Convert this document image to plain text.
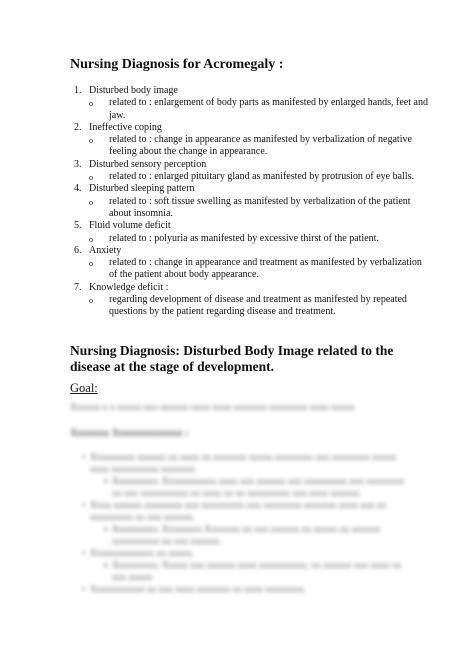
Nursing Diagnosis for Acromegaly :
1. Disturbed body image
o related to : enlargement of body parts as manifested by enlarged hands, feet and jaw.
2. Ineffective coping
o related to : change in appearance as manifested by verbalization of negative feeling about the change in appearance.
3. Disturbed sensory perception
o related to : enlarged pituitary gland as manifested by protrusion of eye balls.
4. Disturbed sleeping pattern
o related to : soft tissue swelling as manifested by verbalization of the patient about insomnia.
5. Fluid volume deficit
o related to : polyuria as manifested by excessive thirst of the patient.
6. Anxiety
o related to : change in appearance and treatment as manifested by verbalization of the patient about body appearance.
7. Knowledge deficit :
o regarding development of disease and treatment as manifested by repeated questions by the patient regarding disease and treatment.
Nursing Diagnosis: Disturbed Body Image related to the disease at the stage of development.
Goal:
Xxxxxx x x xxxxx xxx xxxxxx xxxx xxxx xxxxxxx xxxxxxxx xxxx xxxxx
Xxxxxxx Xxxxxxxxxxxxx :
• Xxxxxxxxx xxxxxx xx xxxx xx xxxxxxx xxxxx xxxxxxxx xxx xxxxxxxx xxxxx xxxx xxxxxxxxxx xxxxxxx.
▪ Xxxxxxxxx: Xxxxxxxxxxx xxxx xxx xxxxxx xxx xxxxxxxxx xxx xxxxxxxx xx xxx xxxxxxxxxx xx xxxx xx xx xxxxxxxxx xxx xxxx xxxxxx.
• Xxxx xxxxxx xxxxxxxx xxx xxxxxxxxx xxx xxxxxxxx xxxxxxx xxxx xxx xx xxxxxxxxx xx xxx xxxxxx.
▪ Xxxxxxxxx: Xxxxxxxx Xxxxxxx xx xxx xxxxxx xx xxxxx xx xxxxxx xxxxxxxxxx xx xxx xxxxxx.
• Xxxxxxxxxxxxx xx xxxxx.
▪ Xxxxxxxxx: Xxxxx xxx xxxxxx xxxx xxxxxxxxxx, xx xxxxxx xxx xxxx xx xxx xxxxx
• Xxxxxxxxxxx xx xxx xxxx xxxxxxx xx xxxx xxxxxxxx.
